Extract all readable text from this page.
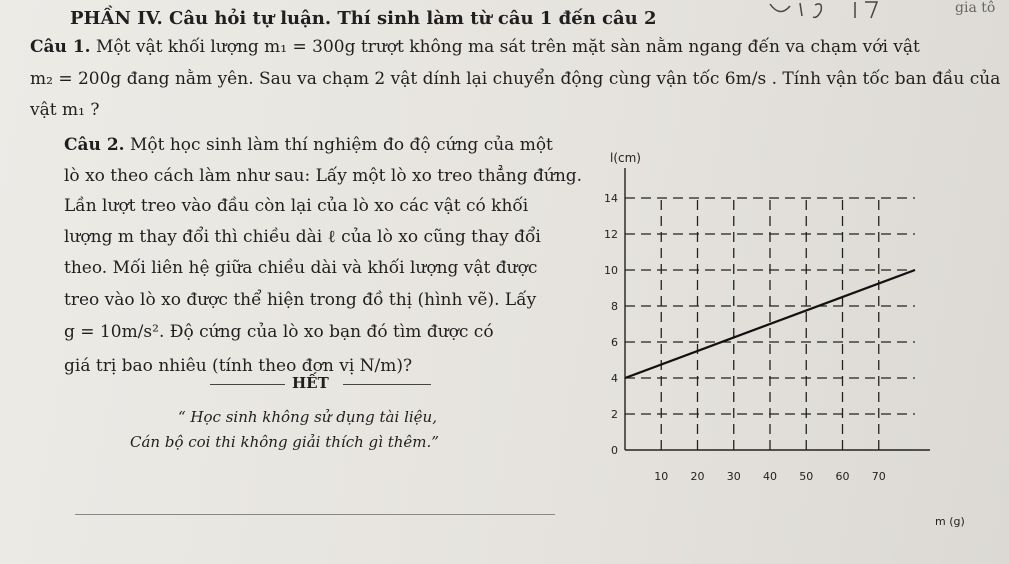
gia tô
PHẦN IV. Câu hỏi tự luận. Thí sinh làm từ câu 1 đến câu 2
Câu 1. Một vật khối lượng m₁ = 300g trượt không ma sát trên mặt sàn nằm ngang đến va chạm với vật
m₂ = 200g đang nằm yên. Sau va chạm 2 vật dính lại chuyển động cùng vận tốc 6m/s . Tính vận tốc ban đầu của
vật m₁ ?
Câu 2. Một học sinh làm thí nghiệm đo độ cứng của một
lò xo theo cách làm như sau: Lấy một lò xo treo thẳng đứng.
Lần lượt treo vào đầu còn lại của lò xo các vật có khối
lượng m thay đổi thì chiều dài ℓ của lò xo cũng thay đổi
theo. Mối liên hệ giữa chiều dài và khối lượng vật được
treo vào lò xo được thể hiện trong đồ thị (hình vẽ). Lấy
g = 10m/s². Độ cứng của lò xo bạn đó tìm được có
giá trị bao nhiêu (tính theo đơn vị N/m)?
HẾT
“ Học sinh không sử dụng tài liệu,
Cán bộ coi thi không giải thích gì thêm.”	0
2
4
6
8
10
12
14
10 20 30 40 50 60 70
l(cm)
m (g)
